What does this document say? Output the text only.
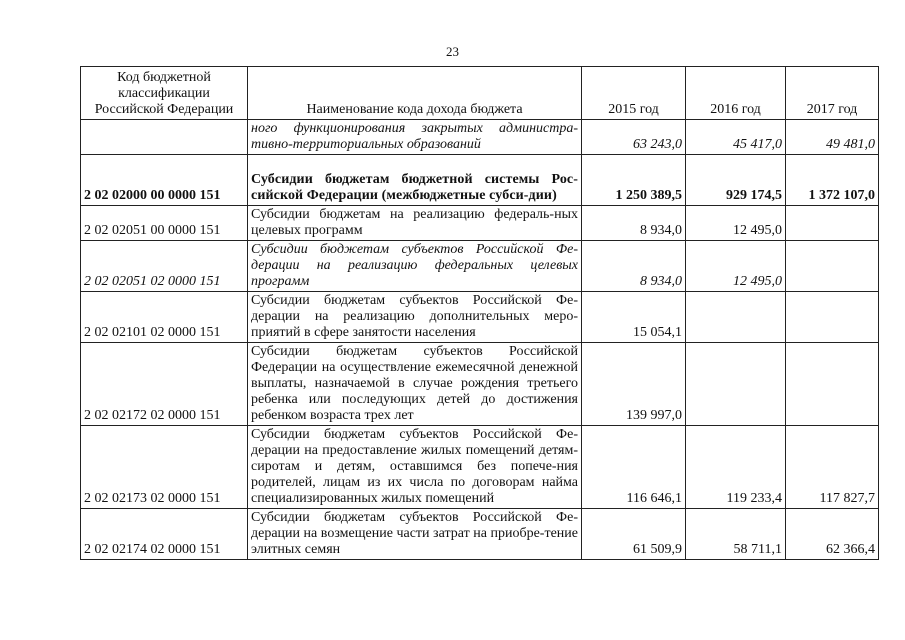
23
Код бюджетной классификации Российской Федерации	Наименование кода дохода бюджета	2015 год	2016 год	2017 год
	ного функционирования закрытых администра-тивно-территориальных образований	63 243,0	45 417,0	49 481,0
2 02 02000 00 0000 151	Субсидии бюджетам бюджетной системы Рос-сийской Федерации (межбюджетные субси-дии)	1 250 389,5	929 174,5	1 372 107,0
2 02 02051 00 0000 151	Субсидии бюджетам на реализацию федераль-ных целевых программ	8 934,0	12 495,0	
2 02 02051 02 0000 151	Субсидии бюджетам субъектов Российской Фе-дерации на реализацию федеральных целевых программ	8 934,0	12 495,0	
2 02 02101 02 0000 151	Субсидии бюджетам субъектов Российской Фе-дерации на реализацию дополнительных меро-приятий в сфере занятости населения	15 054,1		
2 02 02172 02 0000 151	Субсидии бюджетам субъектов Российской Федерации на осуществление ежемесячной денежной выплаты, назначаемой в случае рождения третьего ребенка или последующих детей до достижения ребенком возраста трех лет	139 997,0		
2 02 02173 02 0000 151	Субсидии бюджетам субъектов Российской Фе-дерации на предоставление жилых помещений детям-сиротам и детям, оставшимся без попече-ния родителей, лицам из их числа по договорам найма специализированных жилых помещений	116 646,1	119 233,4	117 827,7
2 02 02174 02 0000 151	Субсидии бюджетам субъектов Российской Фе-дерации на возмещение части затрат на приобре-тение элитных семян	61 509,9	58 711,1	62 366,4
